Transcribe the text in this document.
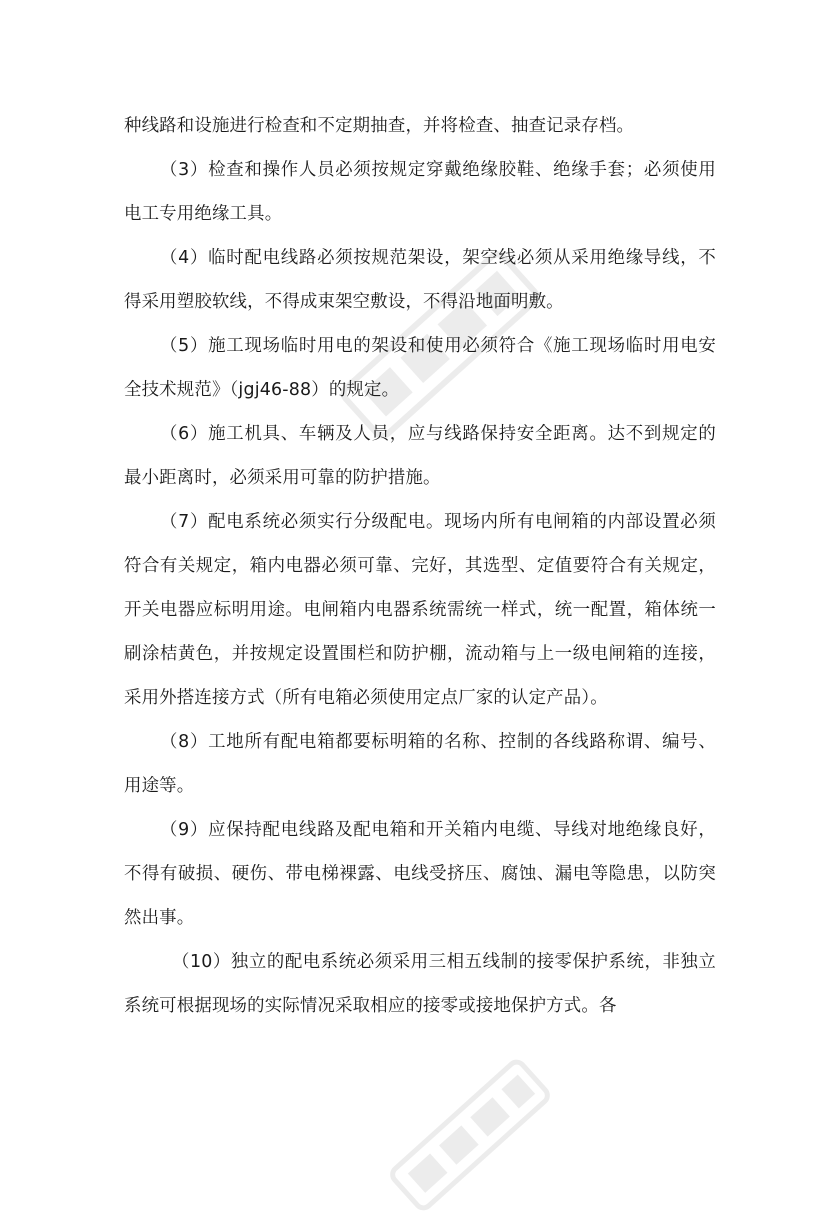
种线路和设施进行检查和不定期抽查，并将检查、抽查记录存档。

（3）检查和操作人员必须按规定穿戴绝缘胶鞋、绝缘手套；必须使用电工专用绝缘工具。

（4）临时配电线路必须按规范架设，架空线必须从采用绝缘导线，不得采用塑胶软线，不得成束架空敷设，不得沿地面明敷。

（5）施工现场临时用电的架设和使用必须符合《施工现场临时用电安全技术规范》（jgj46-88）的规定。

（6）施工机具、车辆及人员，应与线路保持安全距离。达不到规定的最小距离时，必须采用可靠的防护措施。

（7）配电系统必须实行分级配电。现场内所有电闸箱的内部设置必须符合有关规定，箱内电器必须可靠、完好，其选型、定值要符合有关规定，开关电器应标明用途。电闸箱内电器系统需统一样式，统一配置，箱体统一刷涂桔黄色，并按规定设置围栏和防护棚，流动箱与上一级电闸箱的连接，采用外搭连接方式（所有电箱必须使用定点厂家的认定产品）。

（8）工地所有配电箱都要标明箱的名称、控制的各线路称谓、编号、用途等。

（9）应保持配电线路及配电箱和开关箱内电缆、导线对地绝缘良好，不得有破损、硬伤、带电梯裸露、电线受挤压、腐蚀、漏电等隐患，以防突然出事。

（10）独立的配电系统必须采用三相五线制的接零保护系统，非独立系统可根据现场的实际情况采取相应的接零或接地保护方式。各
